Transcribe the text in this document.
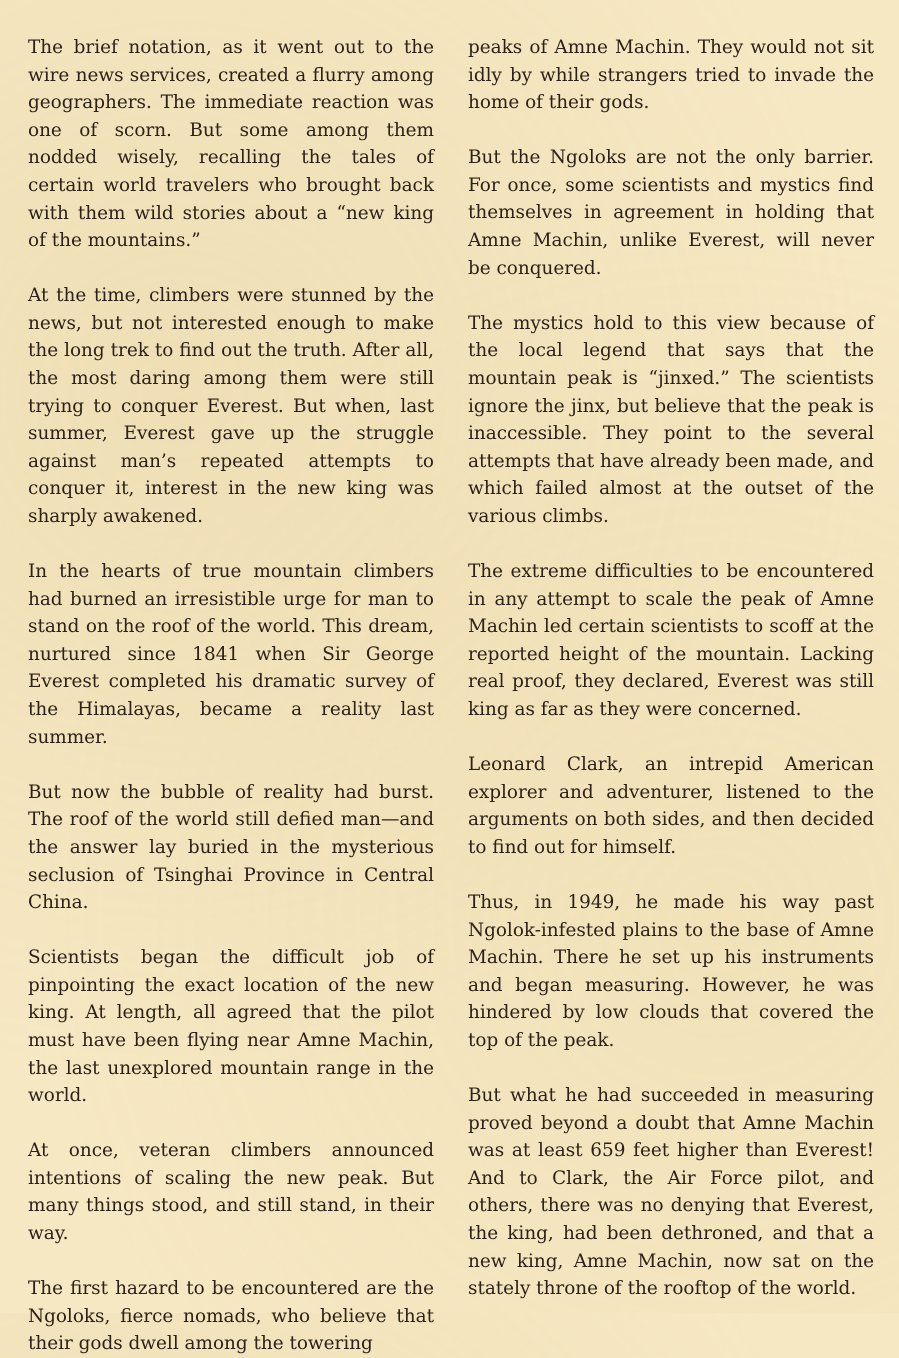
The brief notation, as it went out to the wire news services, created a flurry among geographers. The immediate reaction was one of scorn. But some among them nodded wisely, recalling the tales of certain world travelers who brought back with them wild stories about a “new king of the mountains.”

At the time, climbers were stunned by the news, but not interested enough to make the long trek to find out the truth. After all, the most daring among them were still trying to conquer Everest. But when, last summer, Everest gave up the struggle against man’s repeated attempts to conquer it, interest in the new king was sharply awakened.

In the hearts of true mountain climbers had burned an irresistible urge for man to stand on the roof of the world. This dream, nurtured since 1841 when Sir George Everest completed his dramatic survey of the Himalayas, became a reality last summer.

But now the bubble of reality had burst. The roof of the world still defied man—and the answer lay buried in the mysterious seclusion of Tsinghai Province in Central China.

Scientists began the difficult job of pinpointing the exact location of the new king. At length, all agreed that the pilot must have been flying near Amne Machin, the last unexplored mountain range in the world.

At once, veteran climbers announced intentions of scaling the new peak. But many things stood, and still stand, in their way.

The first hazard to be encountered are the Ngoloks, fierce nomads, who believe that their gods dwell among the towering

peaks of Amne Machin. They would not sit idly by while strangers tried to invade the home of their gods.

But the Ngoloks are not the only barrier. For once, some scientists and mystics find themselves in agreement in holding that Amne Machin, unlike Everest, will never be conquered.

The mystics hold to this view because of the local legend that says that the mountain peak is “jinxed.” The scientists ignore the jinx, but believe that the peak is inaccessible. They point to the several attempts that have already been made, and which failed almost at the outset of the various climbs.

The extreme difficulties to be encountered in any attempt to scale the peak of Amne Machin led certain scientists to scoff at the reported height of the mountain. Lacking real proof, they declared, Everest was still king as far as they were concerned.

Leonard Clark, an intrepid American explorer and adventurer, listened to the arguments on both sides, and then decided to find out for himself.

Thus, in 1949, he made his way past Ngolok-infested plains to the base of Amne Machin. There he set up his instruments and began measuring. However, he was hindered by low clouds that covered the top of the peak.

But what he had succeeded in measuring proved beyond a doubt that Amne Machin was at least 659 feet higher than Everest! And to Clark, the Air Force pilot, and others, there was no denying that Everest, the king, had been dethroned, and that a new king, Amne Machin, now sat on the stately throne of the rooftop of the world.
